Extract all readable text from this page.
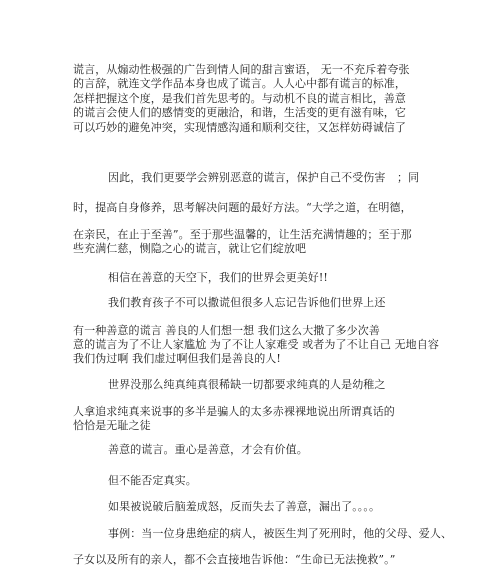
谎言，从煽动性极强的广告到情人间的甜言蜜语， 无一不充斥着夸张
的言辞，就连文学作品本身也成了谎言。人人心中都有谎言的标准，
怎样把握这个度，是我们首先思考的。与动机不良的谎言相比，善意
的谎言会使人们的感情变的更融洽，和谐，生活变的更有滋有味，它
可以巧妙的避免冲突，实现情感沟通和顺利交往，又怎样妨碍诚信了
因此，我们更要学会辨别恶意的谎言，保护自己不受伤害 ；同
时，提高自身修养，思考解决问题的最好方法。“大学之道，在明德，
在亲民，在止于至善”。至于那些温馨的，让生活充满情趣的；至于那
些充满仁慈，恻隐之心的谎言，就让它们绽放吧
相信在善意的天空下，我们的世界会更美好!!
我们教育孩子不可以撒谎但很多人忘记告诉他们世界上还
有一种善意的谎言 善良的人们想一想 我们这么大撒了多少次善
意的谎言为了不让人家尴尬 为了不让人家难受 或者为了不让自己 无地自容
我们伪过啊 我们虚过啊但我们是善良的人!
世界没那么纯真纯真很稀缺一切都要求纯真的人是幼稚之
人拿追求纯真来说事的多半是骗人的太多赤裸裸地说出所谓真话的
恰恰是无耻之徒
善意的谎言。重心是善意，才会有价值。
但不能否定真实。
如果被说破后脑羞成怒，反而失去了善意，漏出了。。。。
事例：当一位身患绝症的病人，被医生判了死刑时，他的父母、爱人、
子女以及所有的亲人，都不会直接地告诉他：“生命已无法挽救”。”
